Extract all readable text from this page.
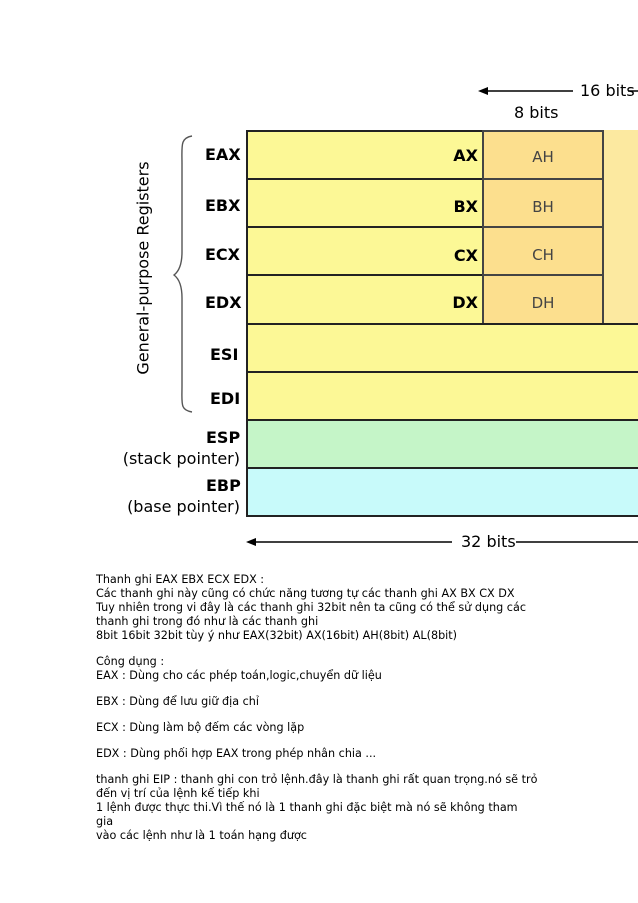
16 bits
8 bits
General-purpose Registers
EAX
EBX
ECX
EDX
ESI
EDI
ESP
(stack pointer)
EBP
(base pointer)
AX	AH
BX	BH
CX	CH
DX	DH
32 bits

Thanh ghi EAX EBX ECX EDX :

Các thanh ghi này cũng có chức năng tương tự các thanh ghi AX BX CX DX

Tuy nhiên trong vi đây là các thanh ghi 32bit nên ta cũng có thể sử dụng các

thanh ghi trong đó như là các thanh ghi

8bit 16bit 32bit tùy ý như EAX(32bit) AX(16bit) AH(8bit) AL(8bit)

Công dụng :

EAX : Dùng cho các phép toán,logic,chuyển dữ liệu

EBX : Dùng để lưu giữ địa chỉ

ECX : Dùng làm bộ đếm các vòng lặp

EDX : Dùng phối hợp EAX trong phép nhân chia ...

thanh ghi EIP : thanh ghi con trỏ lệnh.đây là thanh ghi rất quan trọng.nó sẽ trỏ

đến vị trí của lệnh kế tiếp khi

1 lệnh được thực thi.Vì thế nó là 1 thanh ghi đặc biệt mà nó sẽ không tham gia

vào các lệnh như là 1 toán hạng được
